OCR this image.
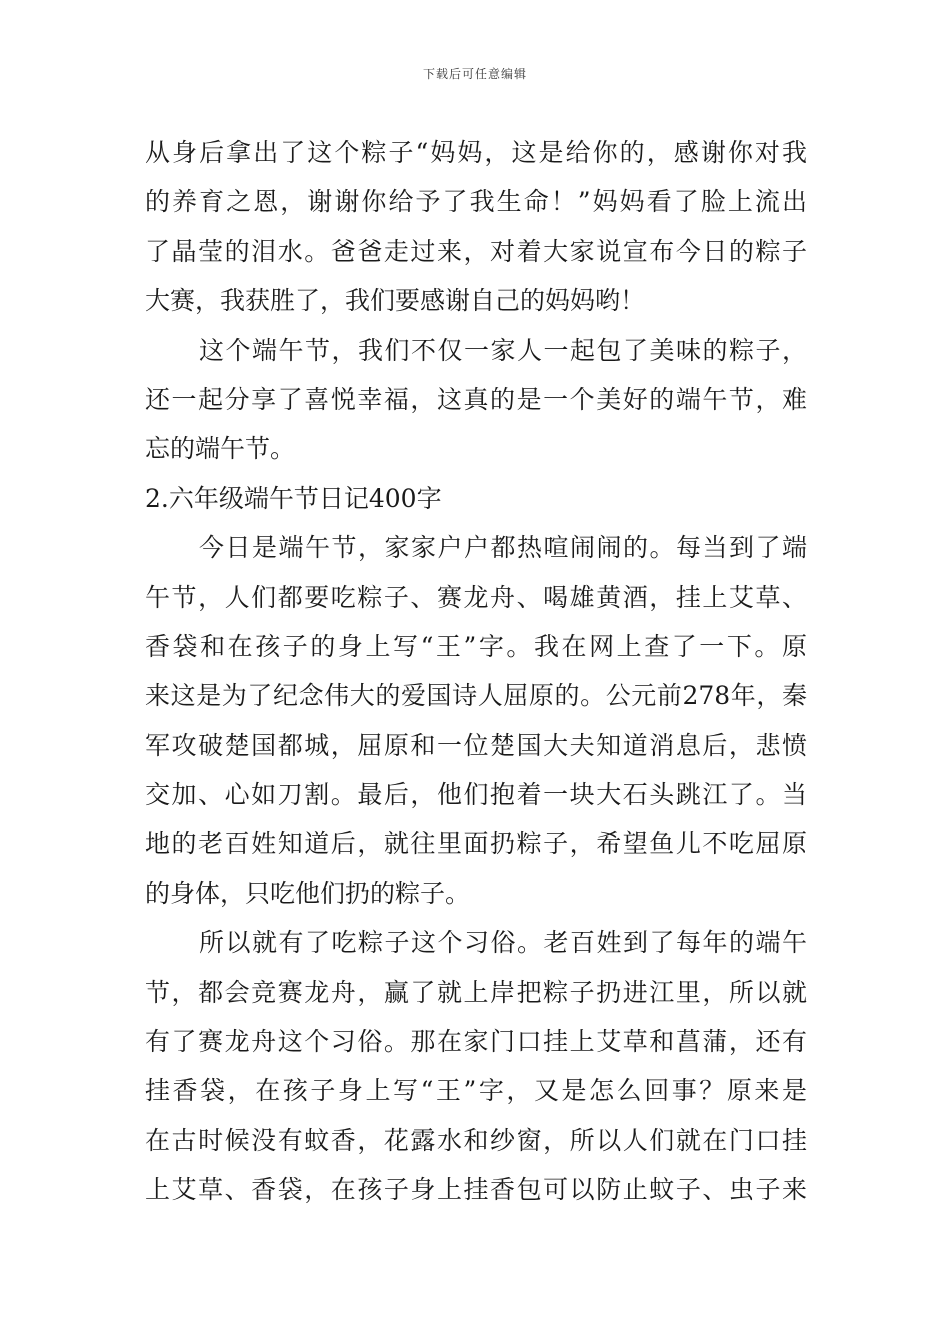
下载后可任意编辑
从身后拿出了这个粽子“妈妈，这是给你的，感谢你对我
的养育之恩，谢谢你给予了我生命！”妈妈看了脸上流出
了晶莹的泪水。爸爸走过来，对着大家说宣布今日的粽子
大赛，我获胜了，我们要感谢自己的妈妈哟！
这个端午节，我们不仅一家人一起包了美味的粽子，
还一起分享了喜悦幸福，这真的是一个美好的端午节，难
忘的端午节。
2.六年级端午节日记400字
今日是端午节，家家户户都热喧闹闹的。每当到了端
午节，人们都要吃粽子、赛龙舟、喝雄黄酒，挂上艾草、
香袋和在孩子的身上写“王”字。我在网上查了一下。原
来这是为了纪念伟大的爱国诗人屈原的。公元前278年，秦
军攻破楚国都城，屈原和一位楚国大夫知道消息后，悲愤
交加、心如刀割。最后，他们抱着一块大石头跳江了。当
地的老百姓知道后，就往里面扔粽子，希望鱼儿不吃屈原
的身体，只吃他们扔的粽子。
所以就有了吃粽子这个习俗。老百姓到了每年的端午
节，都会竞赛龙舟，赢了就上岸把粽子扔进江里，所以就
有了赛龙舟这个习俗。那在家门口挂上艾草和菖蒲，还有
挂香袋，在孩子身上写“王”字，又是怎么回事？原来是
在古时候没有蚊香，花露水和纱窗，所以人们就在门口挂
上艾草、香袋，在孩子身上挂香包可以防止蚊子、虫子来
